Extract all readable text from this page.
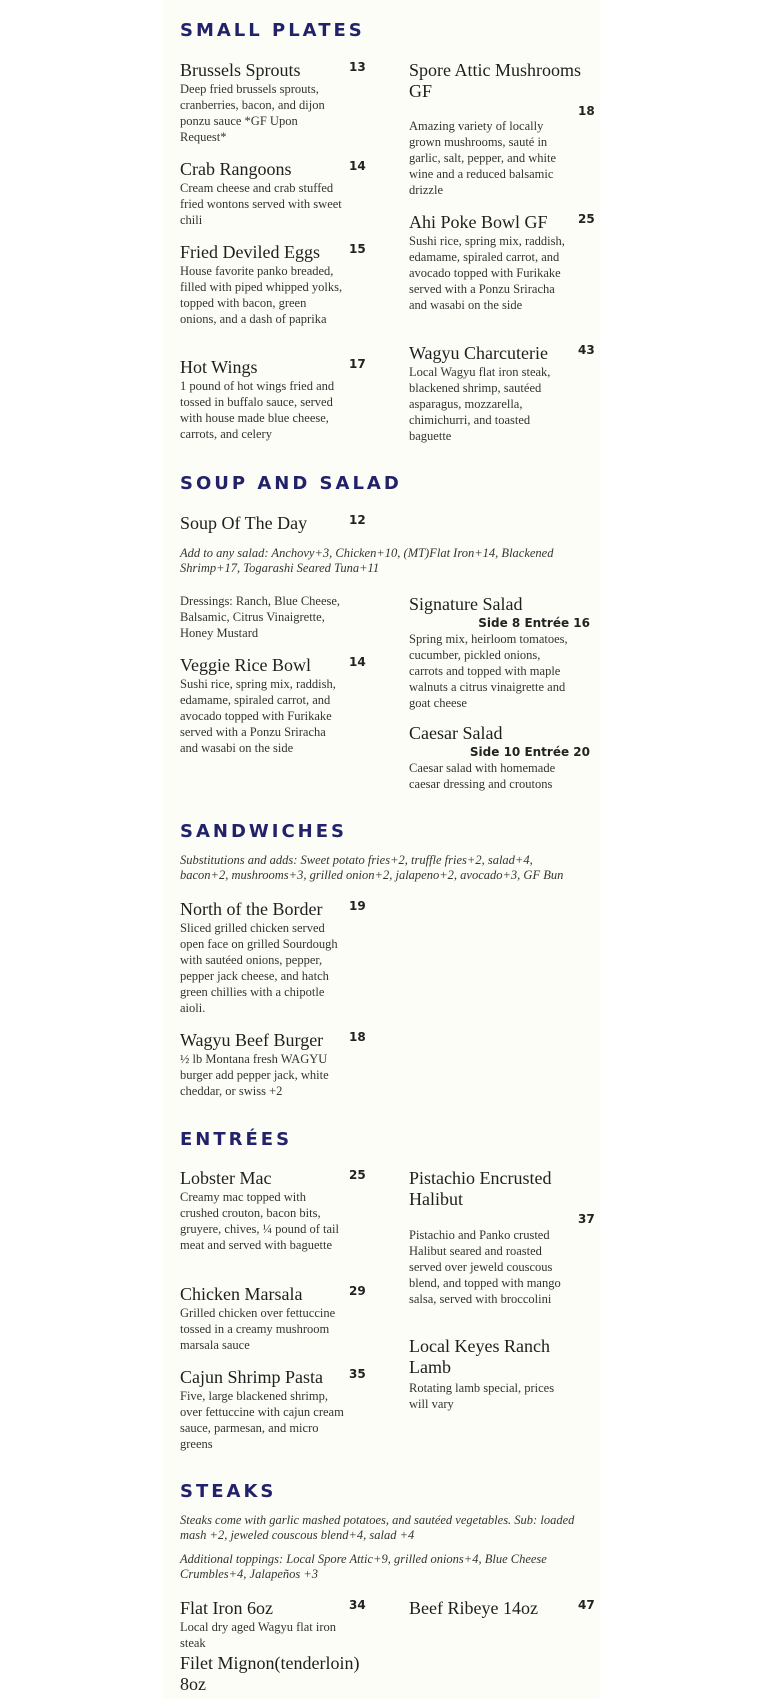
SMALL PLATES
Brussels Sprouts
Deep fried brussels sprouts, cranberries, bacon, and dijon ponzu sauce *GF Upon Request*
13
Crab Rangoons
Cream cheese and crab stuffed fried wontons served with sweet chili
14
Fried Deviled Eggs
House favorite panko breaded, filled with piped whipped yolks, topped with bacon, green onions, and a dash of paprika
15
Hot Wings
1 pound of hot wings fried and tossed in buffalo sauce, served with house made blue cheese, carrots, and celery
17
Spore Attic Mushrooms GF
18
Amazing variety of locally grown mushrooms, sauté in garlic, salt, pepper, and white wine and a reduced balsamic drizzle
Ahi Poke Bowl GF
Sushi rice, spring mix, raddish, edamame, spiraled carrot, and avocado topped with Furikake served with a Ponzu Sriracha and wasabi on the side
25
Wagyu Charcuterie
Local Wagyu flat iron steak, blackened shrimp, sautéed asparagus, mozzarella, chimichurri, and toasted baguette
43
SOUP AND SALAD
Soup Of The Day	12
Add to any salad: Anchovy+3, Chicken+10, (MT)Flat Iron+14, Blackened Shrimp+17, Togarashi Seared Tuna+11
Dressings: Ranch, Blue Cheese, Balsamic, Citrus Vinaigrette, Honey Mustard
Veggie Rice Bowl
Sushi rice, spring mix, raddish, edamame, spiraled carrot, and avocado topped with Furikake served with a Ponzu Sriracha and wasabi on the side
14
Signature Salad
Side 8 Entrée 16
Spring mix, heirloom tomatoes, cucumber, pickled onions, carrots and topped with maple walnuts a citrus vinaigrette and goat cheese
Caesar Salad
Side 10 Entrée 20
Caesar salad with homemade caesar dressing and croutons
SANDWICHES
Substitutions and adds: Sweet potato fries+2, truffle fries+2, salad+4, bacon+2, mushrooms+3, grilled onion+2, jalapeno+2, avocado+3, GF Bun
North of the Border
Sliced grilled chicken served open face on grilled Sourdough with sautéed onions, pepper, pepper jack cheese, and hatch green chillies with a chipotle aioli.
19
Wagyu Beef Burger
½ lb Montana fresh WAGYU burger add pepper jack, white cheddar, or swiss +2
18
ENTRÉES
Lobster Mac
Creamy mac topped with crushed crouton, bacon bits, gruyere, chives, ¼ pound of tail meat and served with baguette
25
Chicken Marsala
Grilled chicken over fettuccine tossed in a creamy mushroom marsala sauce
29
Cajun Shrimp Pasta
Five, large blackened shrimp, over fettuccine with cajun cream sauce, parmesan, and micro greens
35
Pistachio Encrusted Halibut
37
Pistachio and Panko crusted Halibut seared and roasted served over jeweld couscous blend, and topped with mango salsa, served with broccolini
Local Keyes Ranch Lamb
Rotating lamb special, prices will vary
STEAKS
Steaks come with garlic mashed potatoes, and sautéed vegetables. Sub: loaded mash +2, jeweled couscous blend+4, salad +4
Additional toppings: Local Spore Attic+9, grilled onions+4, Blue Cheese Crumbles+4, Jalapeños +3
Flat Iron 6oz
Local dry aged Wagyu flat iron steak
34 Beef Ribeye 14oz	47
Filet Mignon(tenderloin) 8oz
